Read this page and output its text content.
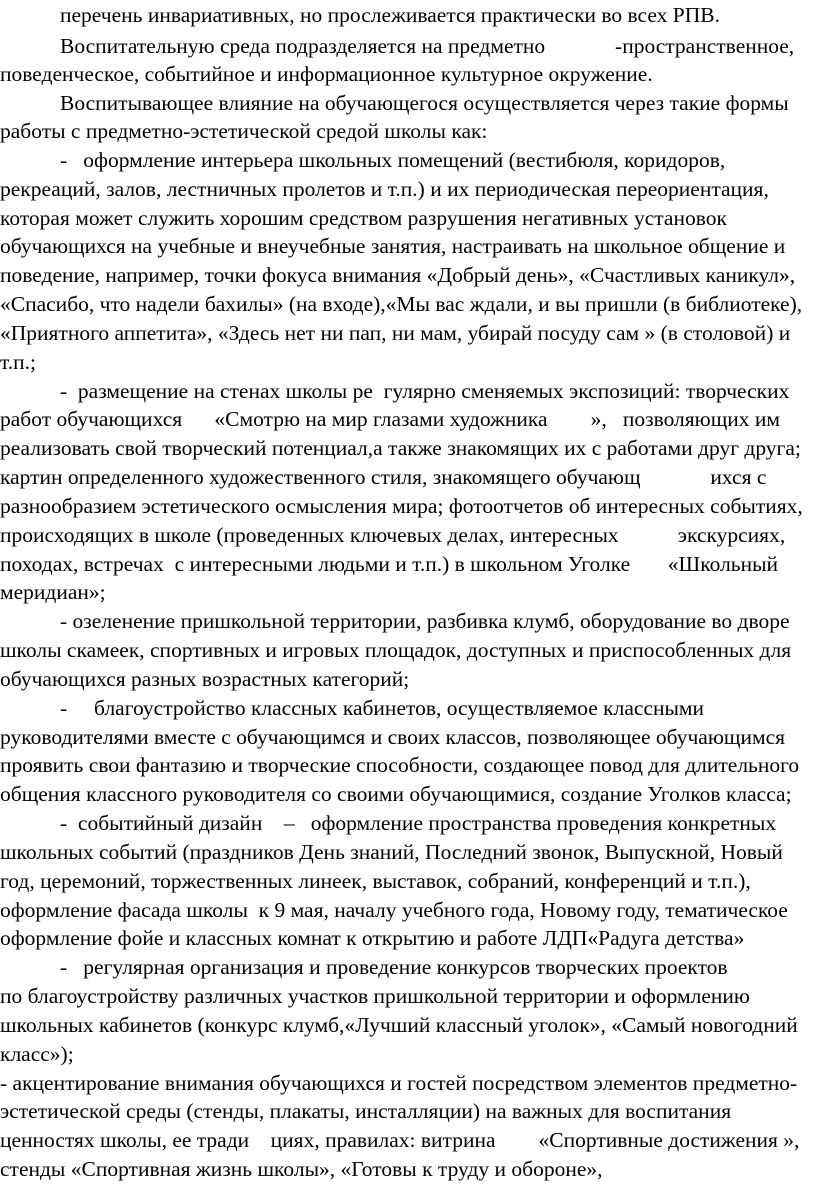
перечень инвариативных, но прослеживается практически во всех РПВ.
Воспитательную среда подразделяется на предметно             -пространственное,
поведенческое, событийное и информационное культурное окружение.
Воспитывающее влияние на обучающегося осуществляется через такие формы
работы с предметно-эстетической средой школы как:
-   оформление интерьера школьных помещений (вестибюля, коридоров,
рекреаций, залов, лестничных пролетов и т.п.) и их периодическая переориентация,
которая может служить хорошим средством разрушения негативных установок
обучающихся на учебные и внеучебные занятия, настраивать на школьное общение и
поведение, например, точки фокуса внимания «Добрый день», «Счастливых каникул»,
«Спасибо, что надели бахилы» (на входе),«Мы вас ждали, и вы пришли (в библиотеке),
«Приятного аппетита», «Здесь нет ни пап, ни мам, убирай посуду сам » (в столовой) и
т.п.;
-  размещение на стенах школы ре  гулярно сменяемых экспозиций: творческих
работ обучающихся      «Смотрю на мир глазами художника        »,   позволяющих им
реализовать свой творческий потенциал,а также знакомящих их с работами друг друга;
картин определенного художественного стиля, знакомящего обучающ             ихся с
разнообразием эстетического осмысления мира; фотоотчетов об интересных событиях,
происходящих в школе (проведенных ключевых делах, интересных           экскурсиях,
походах, встречах  с интересными людьми и т.п.) в школьном Уголке       «Школьный
меридиан»;
- озеленение пришкольной территории, разбивка клумб, оборудование во дворе
школы скамеек, спортивных и игровых площадок, доступных и приспособленных для
обучающихся разных возрастных категорий;
-     благоустройство классных кабинетов, осуществляемое классными
руководителями вместе с обучающимся и своих классов, позволяющее обучающимся
проявить свои фантазию и творческие способности, создающее повод для длительного
общения классного руководителя со своими обучающимися, создание Уголков класса;
-  событийный дизайн    –   оформление пространства проведения конкретных
школьных событий (праздников День знаний, Последний звонок, Выпускной, Новый
год, церемоний, торжественных линеек, выставок, собраний, конференций и т.п.),
оформление фасада школы  к 9 мая, началу учебного года, Новому году, тематическое
оформление фойе и классных комнат к открытию и работе ЛДП«Радуга детства»
-   регулярная организация и проведение конкурсов творческих проектов
по благоустройству различных участков пришкольной территории и оформлению
школьных кабинетов (конкурс клумб,«Лучший классный уголок», «Самый новогодний
класс»);
- акцентирование внимания обучающихся и гостей посредством элементов предметно-
эстетической среды (стенды, плакаты, инсталляции) на важных для воспитания
ценностях школы, ее тради    циях, правилах: витрина        «Спортивные достижения »,
стенды «Спортивная жизнь школы», «Готовы к труду и обороне»,
